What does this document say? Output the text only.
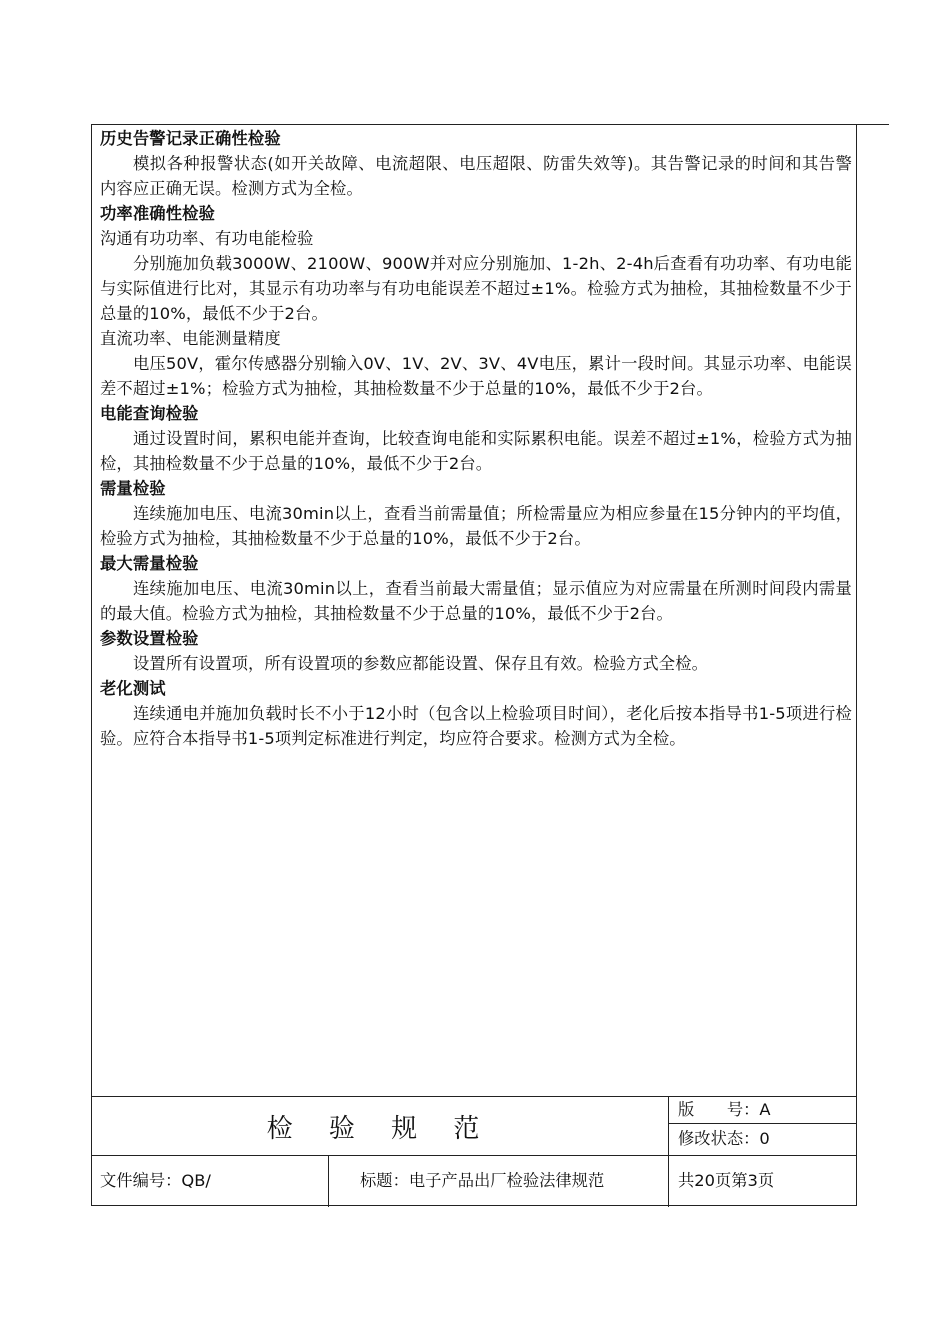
历史告警记录正确性检验

模拟各种报警状态(如开关故障、电流超限、电压超限、防雷失效等)。其告警记录的时间和其告警内容应正确无误。检测方式为全检。

功率准确性检验

沟通有功功率、有功电能检验

分别施加负载3000W、2100W、900W并对应分别施加、1-2h、2-4h后查看有功功率、有功电能与实际值进行比对，其显示有功功率与有功电能误差不超过±1%。检验方式为抽检，其抽检数量不少于总量的10%，最低不少于2台。

直流功率、电能测量精度

电压50V，霍尔传感器分别输入0V、1V、2V、3V、4V电压，累计一段时间。其显示功率、电能误差不超过±1%；检验方式为抽检，其抽检数量不少于总量的10%，最低不少于2台。

电能查询检验

通过设置时间，累积电能并查询，比较查询电能和实际累积电能。误差不超过±1%，检验方式为抽检，其抽检数量不少于总量的10%，最低不少于2台。

需量检验

连续施加电压、电流30min以上，查看当前需量值；所检需量应为相应参量在15分钟内的平均值，检验方式为抽检，其抽检数量不少于总量的10%，最低不少于2台。

最大需量检验

连续施加电压、电流30min以上，查看当前最大需量值；显示值应为对应需量在所测时间段内需量的最大值。检验方式为抽检，其抽检数量不少于总量的10%，最低不少于2台。

参数设置检验

设置所有设置项，所有设置项的参数应都能设置、保存且有效。检验方式全检。

老化测试

连续通电并施加负载时长不小于12小时（包含以上检验项目时间），老化后按本指导书1-5项进行检验。应符合本指导书1-5项判定标准进行判定，均应符合要求。检测方式为全检。

检 验 规 范
版　　号：A
修改状态：0
文件编号：QB/	标题：电子产品出厂检验法律规范	共20页第3页
